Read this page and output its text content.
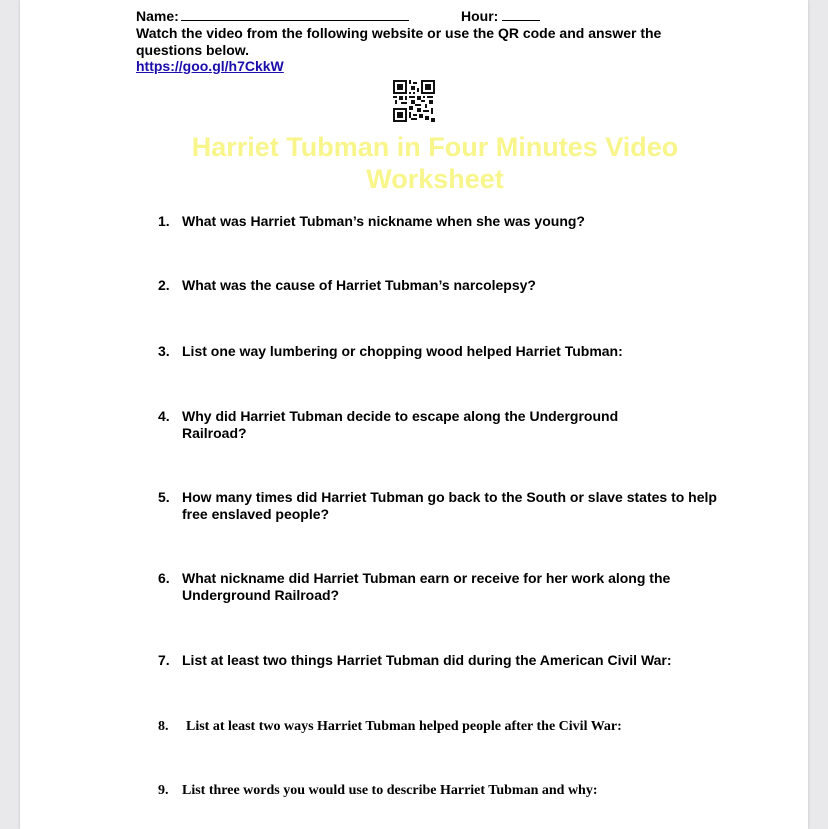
Name:	Hour:
Watch the video from the following website or use the QR code and answer the questions below.
https://goo.gl/h7CkkW
Harriet Tubman in Four Minutes Video Worksheet
1. What was Harriet Tubman’s nickname when she was young?
2. What was the cause of Harriet Tubman’s narcolepsy?
3. List one way lumbering or chopping wood helped Harriet Tubman:
4. Why did Harriet Tubman decide to escape along the Underground Railroad?
5. How many times did Harriet Tubman go back to the South or slave states to help free enslaved people?
6. What nickname did Harriet Tubman earn or receive for her work along the Underground Railroad?
7. List at least two things Harriet Tubman did during the American Civil War:
8. List at least two ways Harriet Tubman helped people after the Civil War:
9. List three words you would use to describe Harriet Tubman and why:
